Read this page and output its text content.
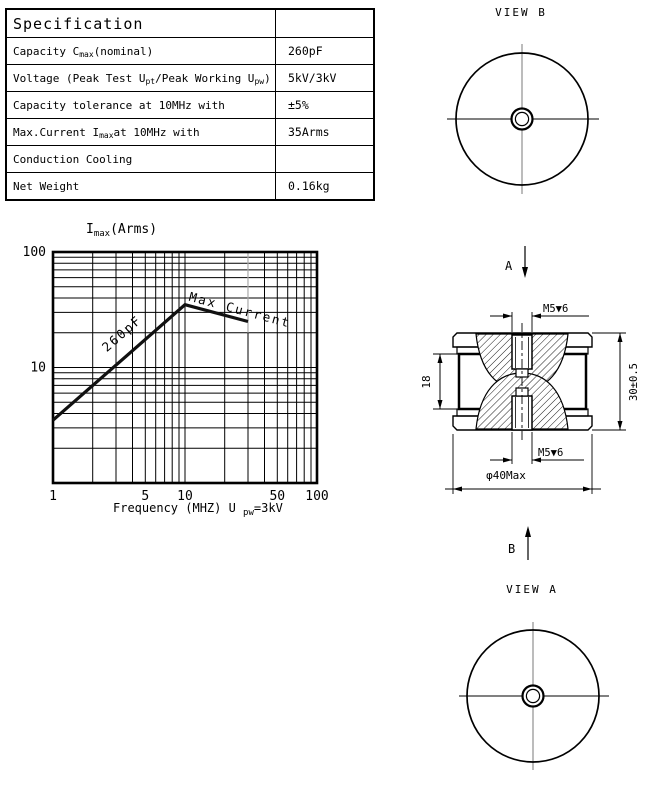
Specification
Capacity C max (nominal)	260pF
Voltage (Peak Test U pt /Peak Working U pw )	5kV/3kV
Capacity tolerance at 10MHz with	±5%
Max.Current I max at 10MHz with	35Arms
Conduction Cooling
Net Weight	0.16kg
$I_{max}(Arms)$
Frequency (MHZ) U $_{pw}$=3kV
1	5 10	50 100
10
100
260pF
Max Current
VIEW B
A
M5▼6
M5▼6
18	30±0.5
φ40Max
B
VIEW A
